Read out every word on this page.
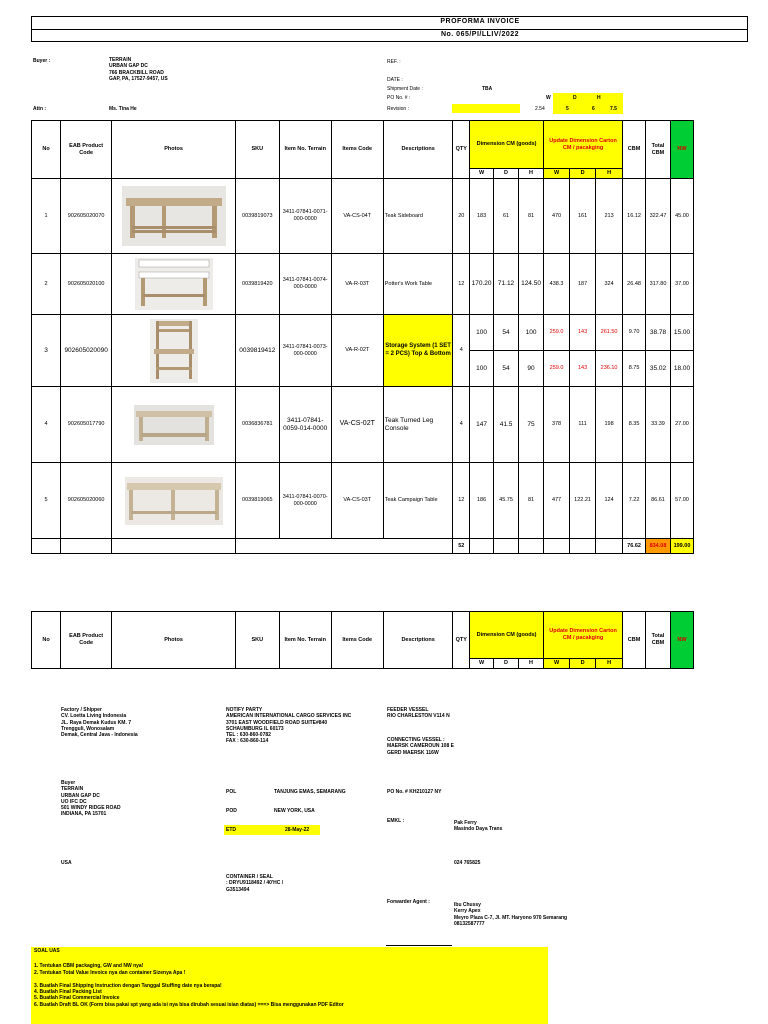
PROFORMA INVOICE
No. 065/PI/LLIV/2022
Buyer :	TERRAIN
URBAN GAP DC
766 BRACKBILL ROAD
GAP, PA, 17527-9457, US
Attn :	Ms. Tina He
REF. :
DATE :
Shipment Date :	TBA
PO No. # :
Revision :	2.54
W	D	H
5	6	7.5
No	EAB Product Code	Photos	SKU	Item No. Terrain	Items Code	Descriptions	QTY	Dimension CM (goods)			Update Dimension Carton CM / pacakging			CBM	Total CBM	NW
								W	D	H	W	D	H			
1	902605020070		0039819073	3411-07841-0071-000-0000	VA-CS-04T	Teak Sideboard	20	183	61	81	470	161	213	16.12	322.47	45.00
2	902605020100		0039819420	3411-07841-0074-000-0000	VA-R-03T	Potter's Work Table	12	170.20	71.12	124.50	438.3	187	324	26.48	317.80	37.00
3	902605020090		0039819412	3411-07841-0073-000-0000	VA-R-02T	Storage System (1 SET = 2 PCS) Top & Bottom	4	100	54	100	259.0	143	261.50	9.70	38.78	15.00
								100	54	90	259.0	143	236.10	8.75	35.02	18.00
4	902605017790		0036836781	3411-07841-0059-014-0000	VA-CS-02T	Teak Turned Leg Console	4	147	41.5	75	378	111	198	8.35	33.39	27.00
5	902605020060		0039819065	3411-07841-0070-000-0000	VA-CS-03T	Teak Campaign Table	12	186	45.75	81	477	122.21	124	7.22	86.61	57.00
							52							76.62	834.08	199.00
No	EAB Product Code	Photos	SKU	Item No. Terrain	Items Code	Descriptions	QTY	Dimension CM (goods)			Update Dimension Carton CM / pacakging			CBM	Total CBM	NW
								W	D	H	W	D	H			
Factory / Shipper
CV. Loetta Living Indonesia
JL. Raya Demak Kudus KM. 7
Trengguli, Wonosalam
Demak, Central Java - Indonesia
NOTIFY PARTY
AMERICAN INTERNATIONAL CARGO SERVICES INC
3701 EAST WOODFIELD ROAD SUITE#840
SCHAUMBURG IL 60173
TEL : 630-860-0782
FAX : 630-860-114
FEEDER VESSEL
RIO CHARLESTON V114 N
CONNECTING VESSEL :
MAERSK CAMEROUN 108 E
GERD MAERSK 116W
Buyer
TERRAIN
URBAN GAP DC
UO IFC DC
501 WINDY RIDGE ROAD
INDIANA, PA 15701
POL	TANJUNG EMAS, SEMARANG
POD	NEW YORK, USA
ETD	28-May-22
PO No. # KH210127 NY
EMKL :	Pak Ferry
Masindo Daya Trans
USA	024 765825
CONTAINER / SEAL
: DRYU9118492 / 40'HC /
G3513494
Forwarder Agent :	Ibu Chussy
Kerry Apex
Meyro Plaza C-7, Jl. MT. Haryono 970 Semarang
08132587777
SOAL UAS
1. Tentukan CBM packaging, GW and NW nya!
2. Tentukan Total Value Invoice nya dan container Sizenya Apa !
3. Buatlah Final Shipping Instruction dengan Tanggal Stuffing date nya berapa!
4. Buatlah Final Packing List
5. Buatlah Final Commercial Invoice
6. Buatlah Draft BL OK (Form bisa pakai spt yang ada isi nya bisa dirubah sesuai isian diatas) ===> Bisa menggunakan PDF Editor
